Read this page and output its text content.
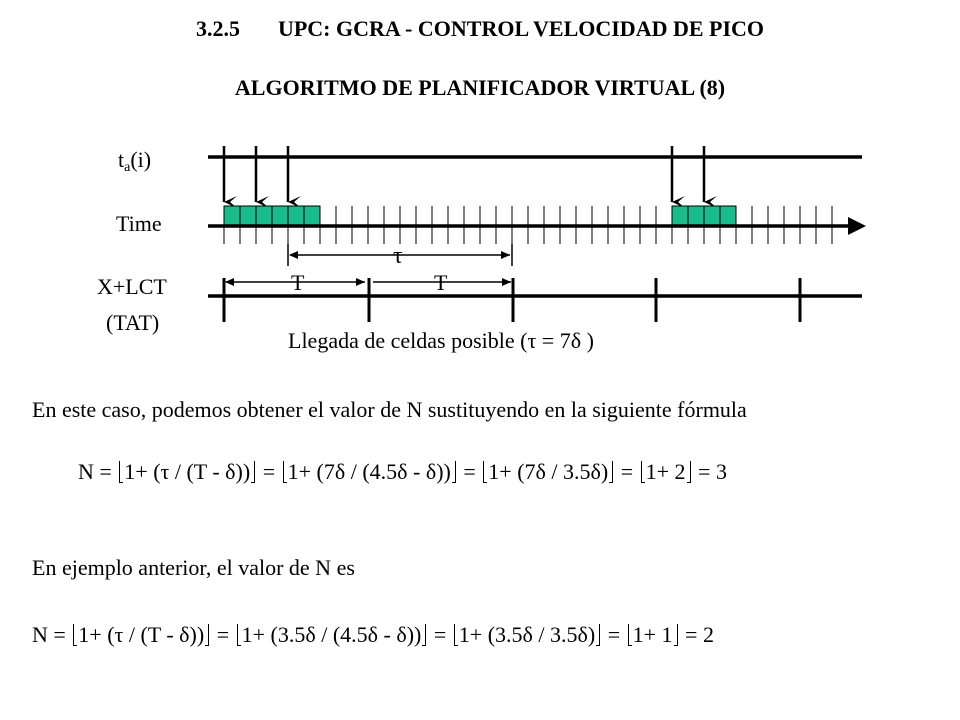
3.2.5 UPC: GCRA - CONTROL VELOCIDAD DE PICO
ALGORITMO DE PLANIFICADOR VIRTUAL (8)
ta(i)
Time
τ
T	T
X+LCT
(TAT)
Llegada de celdas posible (τ = 7δ )
En este caso, podemos obtener el valor de N sustituyendo en la siguiente fórmula
N = 1+ (τ / (T - δ)) = 1+ (7δ / (4.5δ - δ)) = 1+ (7δ / 3.5δ) = 1+ 2 = 3
En ejemplo anterior, el valor de N es
N = 1+ (τ / (T - δ)) = 1+ (3.5δ / (4.5δ - δ)) = 1+ (3.5δ / 3.5δ) = 1+ 1 = 2
